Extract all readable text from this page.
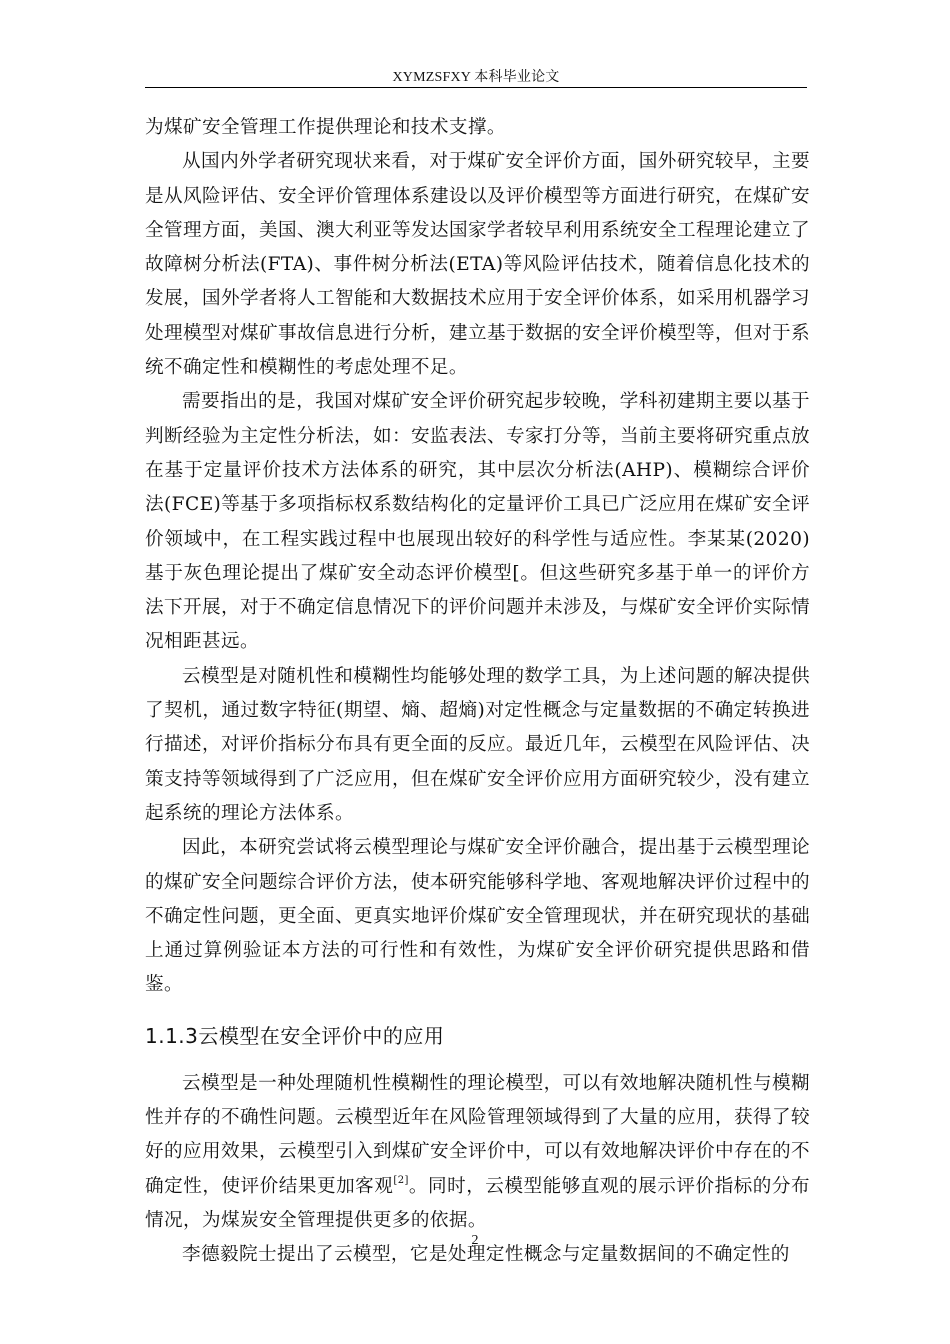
XYMZSFXY 本科毕业论文

为煤矿安全管理工作提供理论和技术支撑。

从国内外学者研究现状来看，对于煤矿安全评价方面，国外研究较早，主要是从风险评估、安全评价管理体系建设以及评价模型等方面进行研究，在煤矿安全管理方面，美国、澳大利亚等发达国家学者较早利用系统安全工程理论建立了故障树分析法(FTA)、事件树分析法(ETA)等风险评估技术，随着信息化技术的发展，国外学者将人工智能和大数据技术应用于安全评价体系，如采用机器学习处理模型对煤矿事故信息进行分析，建立基于数据的安全评价模型等，但对于系统不确定性和模糊性的考虑处理不足。

需要指出的是，我国对煤矿安全评价研究起步较晚，学科初建期主要以基于判断经验为主定性分析法，如：安监表法、专家打分等，当前主要将研究重点放在基于定量评价技术方法体系的研究，其中层次分析法(AHP)、模糊综合评价法(FCE)等基于多项指标权系数结构化的定量评价工具已广泛应用在煤矿安全评价领域中，在工程实践过程中也展现出较好的科学性与适应性。李某某(2020)基于灰色理论提出了煤矿安全动态评价模型[。但这些研究多基于单一的评价方法下开展，对于不确定信息情况下的评价问题并未涉及，与煤矿安全评价实际情况相距甚远。

云模型是对随机性和模糊性均能够处理的数学工具，为上述问题的解决提供了契机，通过数字特征(期望、熵、超熵)对定性概念与定量数据的不确定转换进行描述，对评价指标分布具有更全面的反应。最近几年，云模型在风险评估、决策支持等领域得到了广泛应用，但在煤矿安全评价应用方面研究较少，没有建立起系统的理论方法体系。

因此，本研究尝试将云模型理论与煤矿安全评价融合，提出基于云模型理论的煤矿安全问题综合评价方法，使本研究能够科学地、客观地解决评价过程中的不确定性问题，更全面、更真实地评价煤矿安全管理现状，并在研究现状的基础上通过算例验证本方法的可行性和有效性，为煤矿安全评价研究提供思路和借鉴。

1.1.3云模型在安全评价中的应用

云模型是一种处理随机性模糊性的理论模型，可以有效地解决随机性与模糊性并存的不确性问题。云模型近年在风险管理领域得到了大量的应用，获得了较好的应用效果，云模型引入到煤矿安全评价中，可以有效地解决评价中存在的不确定性，使评价结果更加客观[2]。同时，云模型能够直观的展示评价指标的分布情况，为煤炭安全管理提供更多的依据。

李德毅院士提出了云模型，它是处理定性概念与定量数据间的不确定性的

2
